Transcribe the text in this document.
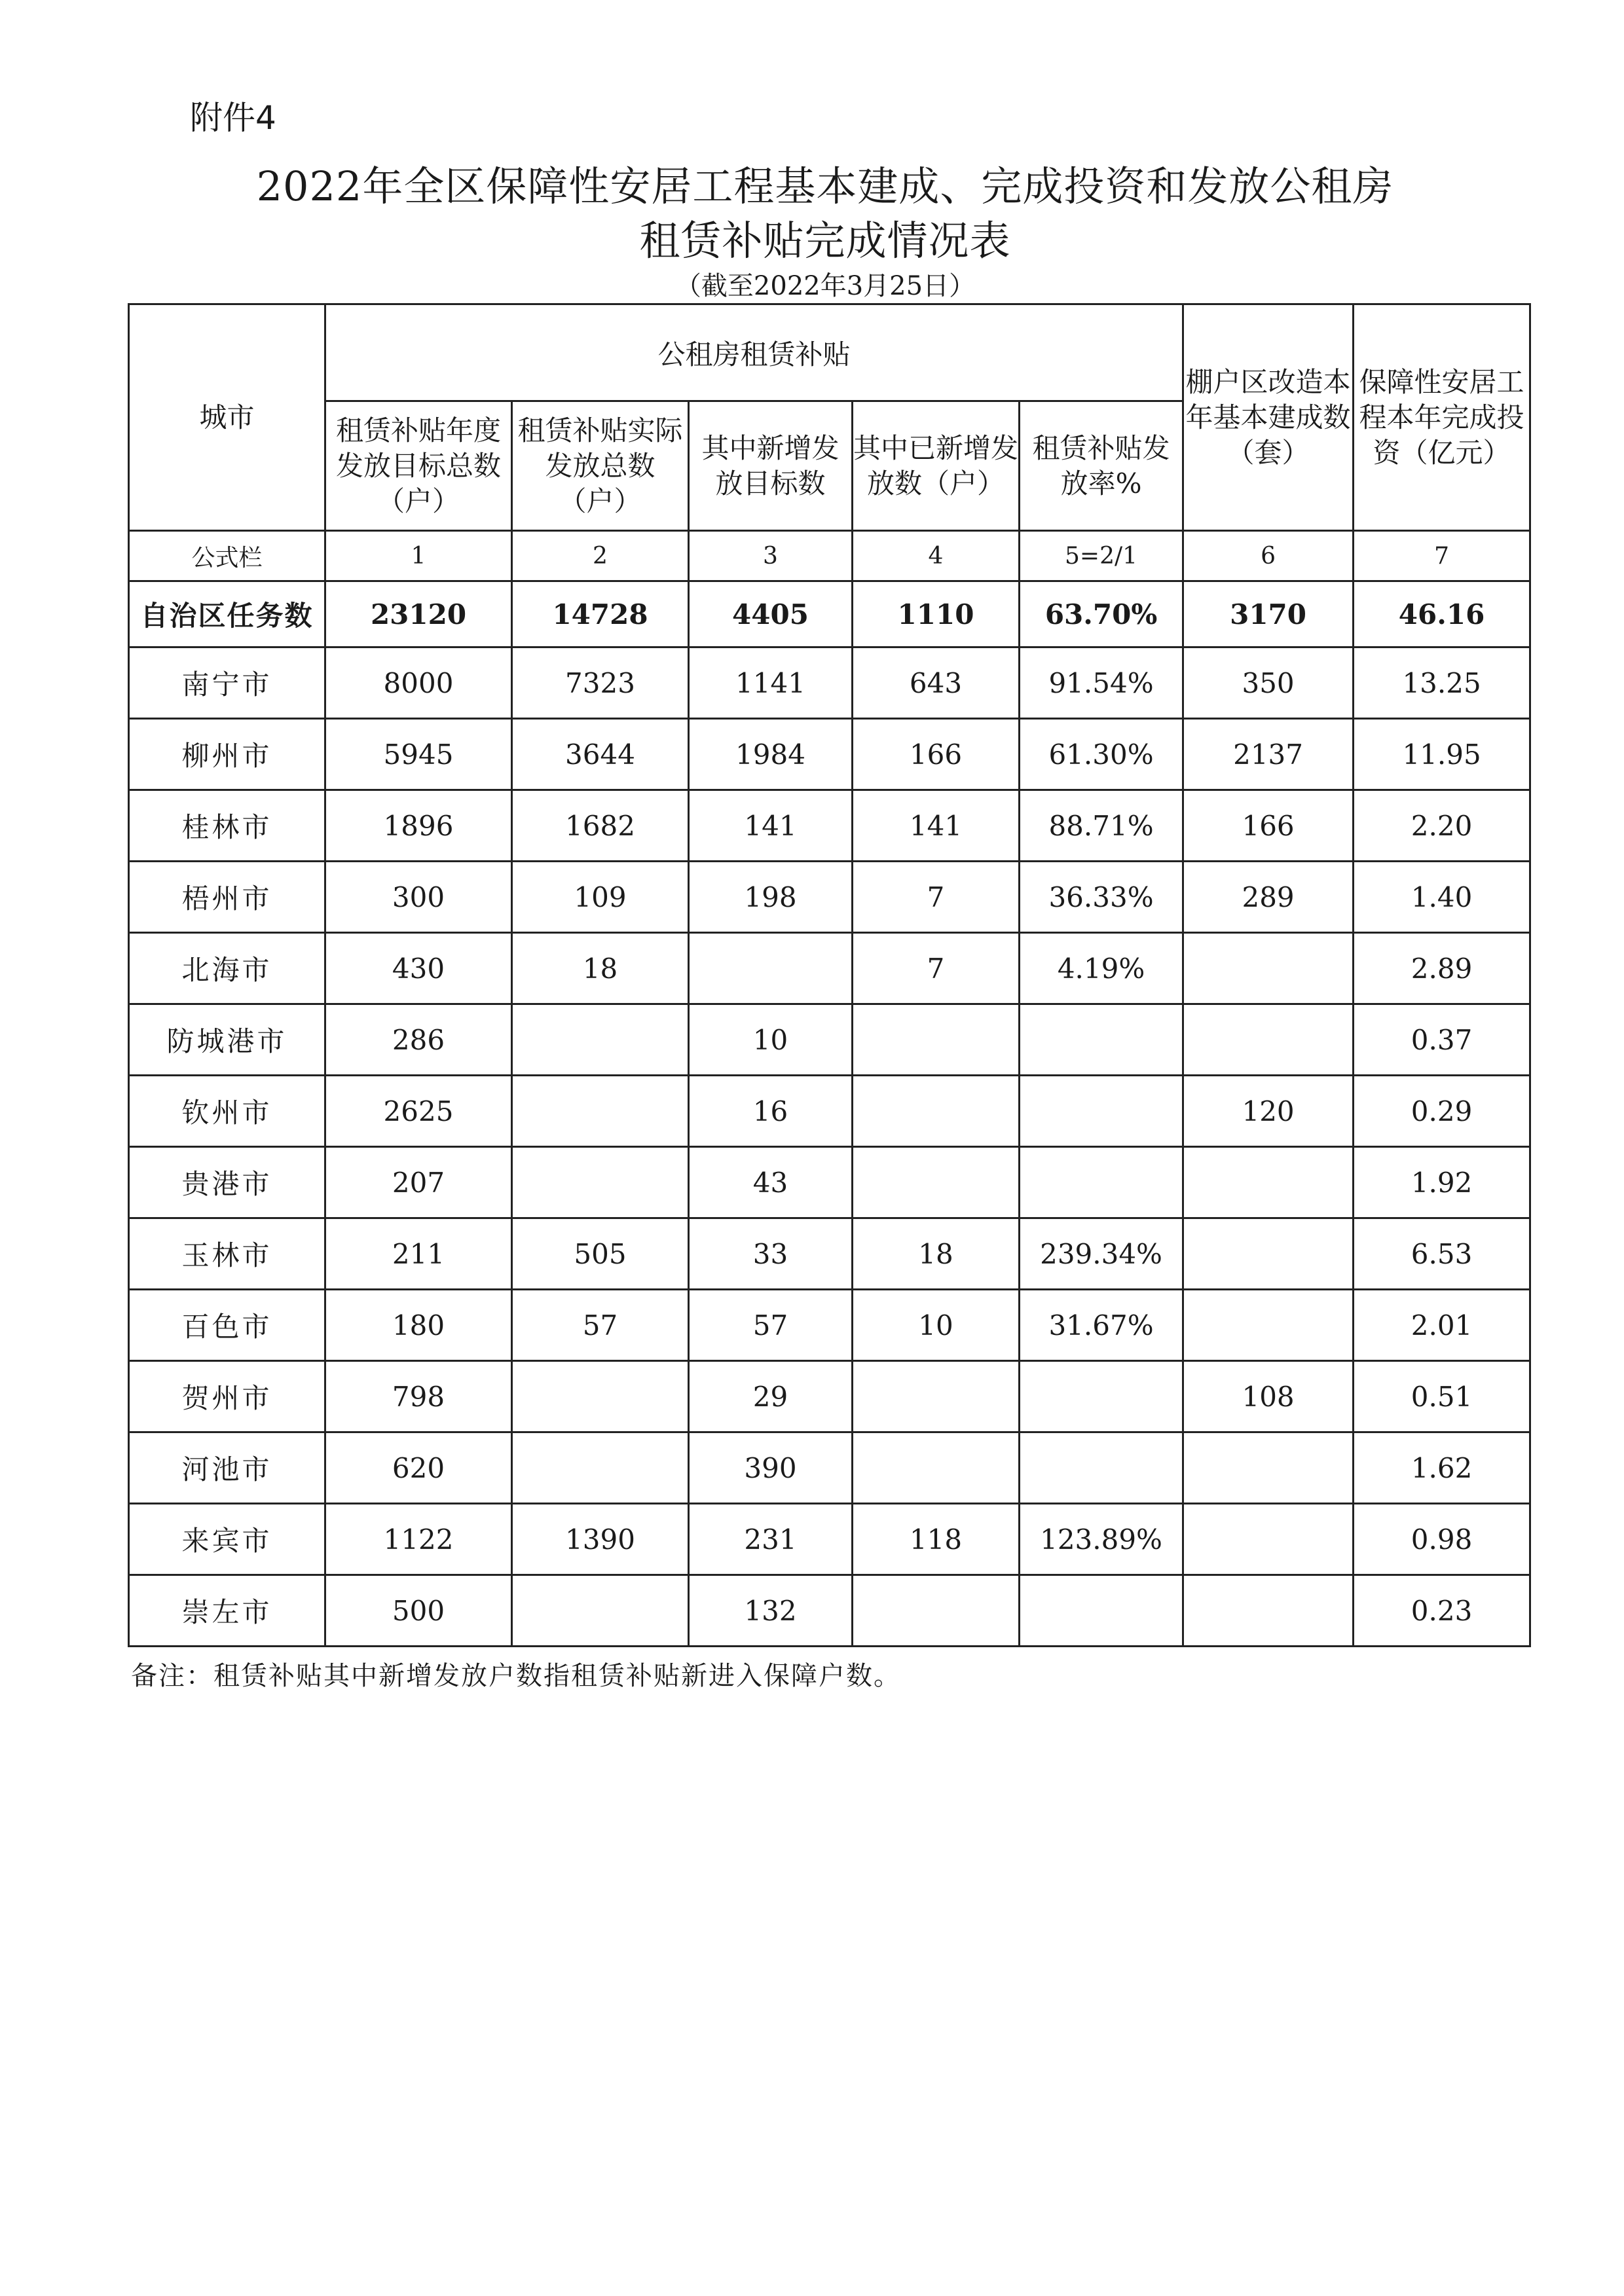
附件4
2022年全区保障性安居工程基本建成、完成投资和发放公租房
租赁补贴完成情况表
（截至2022年3月25日）
城市	公租房租赁补贴					棚户区改造本年基本建成数（套）	保障性安居工程本年完成投资（亿元）
	租赁补贴年度发放目标总数（户）	租赁补贴实际发放总数（户）	其中新增发放目标数	其中已新增发放数（户）	租赁补贴发放率%		
公式栏	1	2	3	4	5=2/1	6	7
自治区任务数	23120	14728	4405	1110	63.70%	3170	46.16
南宁市	8000	7323	1141	643	91.54%	350	13.25
柳州市	5945	3644	1984	166	61.30%	2137	11.95
桂林市	1896	1682	141	141	88.71%	166	2.20
梧州市	300	109	198	7	36.33%	289	1.40
北海市	430	18		7	4.19%		2.89
防城港市	286		10				0.37
钦州市	2625		16			120	0.29
贵港市	207		43				1.92
玉林市	211	505	33	18	239.34%		6.53
百色市	180	57	57	10	31.67%		2.01
贺州市	798		29			108	0.51
河池市	620		390				1.62
来宾市	1122	1390	231	118	123.89%		0.98
崇左市	500		132				0.23
备注：租赁补贴其中新增发放户数指租赁补贴新进入保障户数。
